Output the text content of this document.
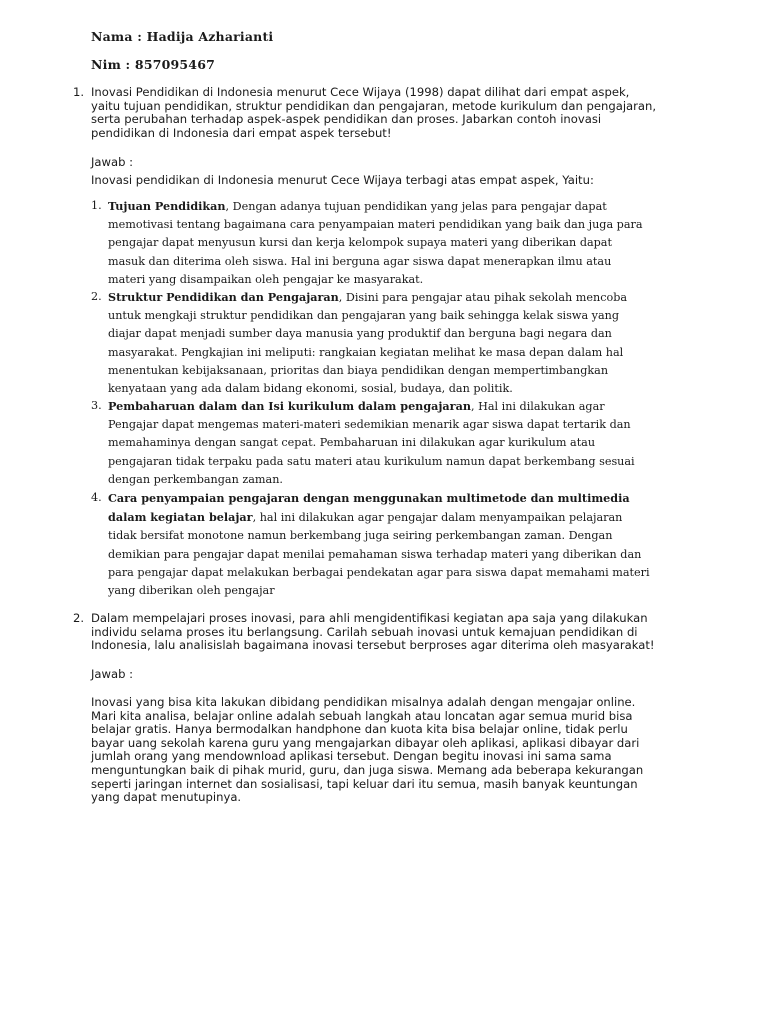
Nama : Hadija Azharianti
Nim : 857095467
1. Inovasi Pendidikan di Indonesia menurut Cece Wijaya (1998) dapat dilihat dari empat aspek,
yaitu tujuan pendidikan, struktur pendidikan dan pengajaran, metode kurikulum dan pengajaran,
serta perubahan terhadap aspek-aspek pendidikan dan proses. Jabarkan contoh inovasi
pendidikan di Indonesia dari empat aspek tersebut!
Jawab :
Inovasi pendidikan di Indonesia menurut Cece Wijaya terbagi atas empat aspek, Yaitu:
1. Tujuan Pendidikan, Dengan adanya tujuan pendidikan yang jelas para pengajar dapat
memotivasi tentang bagaimana cara penyampaian materi pendidikan yang baik dan juga para
pengajar dapat menyusun kursi dan kerja kelompok supaya materi yang diberikan dapat
masuk dan diterima oleh siswa. Hal ini berguna agar siswa dapat menerapkan ilmu atau
materi yang disampaikan oleh pengajar ke masyarakat.
2. Struktur Pendidikan dan Pengajaran, Disini para pengajar atau pihak sekolah mencoba
untuk mengkaji struktur pendidikan dan pengajaran yang baik sehingga kelak siswa yang
diajar dapat menjadi sumber daya manusia yang produktif dan berguna bagi negara dan
masyarakat. Pengkajian ini meliputi: rangkaian kegiatan melihat ke masa depan dalam hal
menentukan kebijaksanaan, prioritas dan biaya pendidikan dengan mempertimbangkan
kenyataan yang ada dalam bidang ekonomi, sosial, budaya, dan politik.
3. Pembaharuan dalam dan Isi kurikulum dalam pengajaran, Hal ini dilakukan agar
Pengajar dapat mengemas materi-materi sedemikian menarik agar siswa dapat tertarik dan
memahaminya dengan sangat cepat. Pembaharuan ini dilakukan agar kurikulum atau
pengajaran tidak terpaku pada satu materi atau kurikulum namun dapat berkembang sesuai
dengan perkembangan zaman.
4. Cara penyampaian pengajaran dengan menggunakan multimetode dan multimedia
dalam kegiatan belajar, hal ini dilakukan agar pengajar dalam menyampaikan pelajaran
tidak bersifat monotone namun berkembang juga seiring perkembangan zaman. Dengan
demikian para pengajar dapat menilai pemahaman siswa terhadap materi yang diberikan dan
para pengajar dapat melakukan berbagai pendekatan agar para siswa dapat memahami materi
yang diberikan oleh pengajar
2. Dalam mempelajari proses inovasi, para ahli mengidentifikasi kegiatan apa saja yang dilakukan
individu selama proses itu berlangsung. Carilah sebuah inovasi untuk kemajuan pendidikan di
Indonesia, lalu analisislah bagaimana inovasi tersebut berproses agar diterima oleh masyarakat!
Jawab :
Inovasi yang bisa kita lakukan dibidang pendidikan misalnya adalah dengan mengajar online.
Mari kita analisa, belajar online adalah sebuah langkah atau loncatan agar semua murid bisa
belajar gratis. Hanya bermodalkan handphone dan kuota kita bisa belajar online, tidak perlu
bayar uang sekolah karena guru yang mengajarkan dibayar oleh aplikasi, aplikasi dibayar dari
jumlah orang yang mendownload aplikasi tersebut. Dengan begitu inovasi ini sama sama
menguntungkan baik di pihak murid, guru, dan juga siswa. Memang ada beberapa kekurangan
seperti jaringan internet dan sosialisasi, tapi keluar dari itu semua, masih banyak keuntungan
yang dapat menutupinya.
